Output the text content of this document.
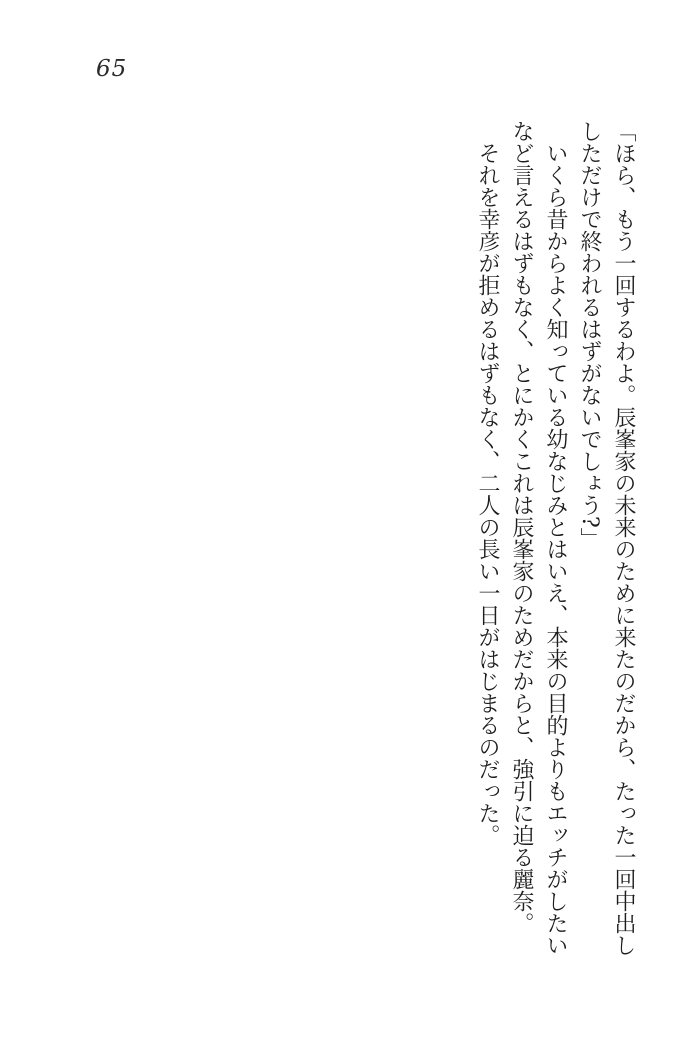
65

「ほら、もう一回するわよ。辰峯家の未来のために来たのだから、たった一回中出し

しただけで終われるはずがないでしょう?」

　いくら昔からよく知っている幼なじみとはいえ、本来の目的よりもエッチがしたい

など言えるはずもなく、とにかくこれは辰峯家のためだからと、強引に迫る麗奈。

　それを幸彦が拒めるはずもなく、二人の長い一日がはじまるのだった。
